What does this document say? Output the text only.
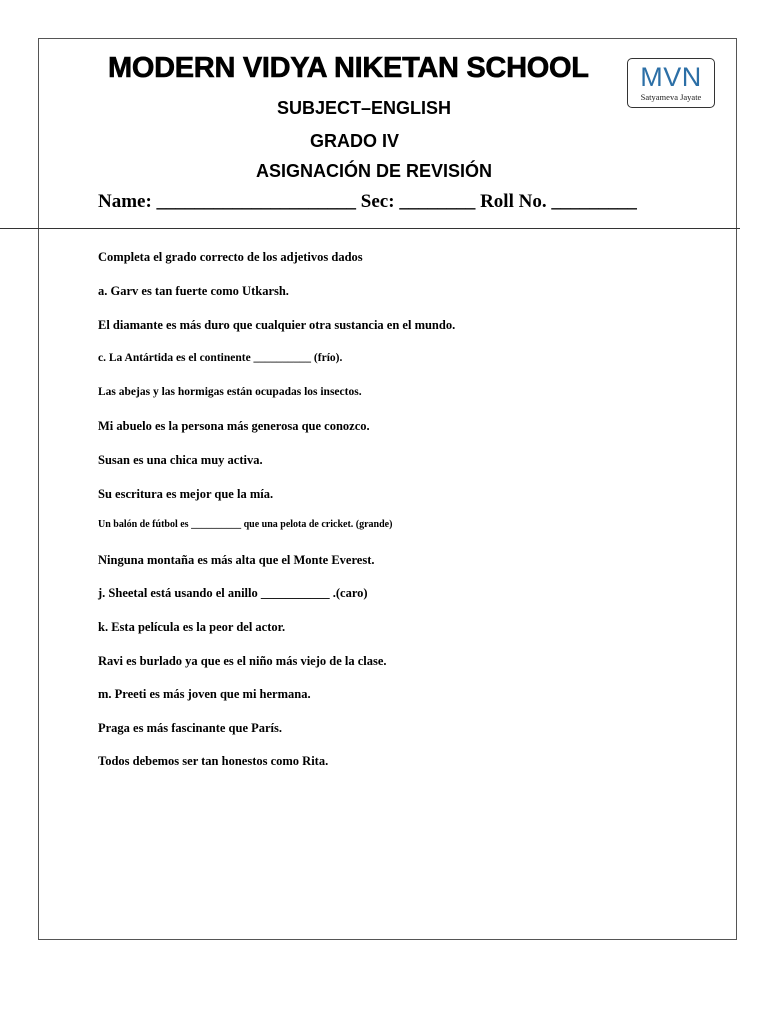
MODERN VIDYA NIKETAN SCHOOL	MVN
Satyameva Jayate
SUBJECT–ENGLISH
GRADO IV
ASIGNACIÓN DE REVISIÓN
Name: _____________________ Sec: ________ Roll No. _________
Completa el grado correcto de los adjetivos dados
a. Garv es tan fuerte como Utkarsh.
El diamante es más duro que cualquier otra sustancia en el mundo.
c. La Antártida es el continente __________ (frío).
Las abejas y las hormigas están ocupadas los insectos.
Mi abuelo es la persona más generosa que conozco.
Susan es una chica muy activa.
Su escritura es mejor que la mía.
Un balón de fútbol es __________ que una pelota de cricket. (grande)
Ninguna montaña es más alta que el Monte Everest.
j. Sheetal está usando el anillo ___________ .(caro)
k. Esta película es la peor del actor.
Ravi es burlado ya que es el niño más viejo de la clase.
m. Preeti es más joven que mi hermana.
Praga es más fascinante que París.
Todos debemos ser tan honestos como Rita.
